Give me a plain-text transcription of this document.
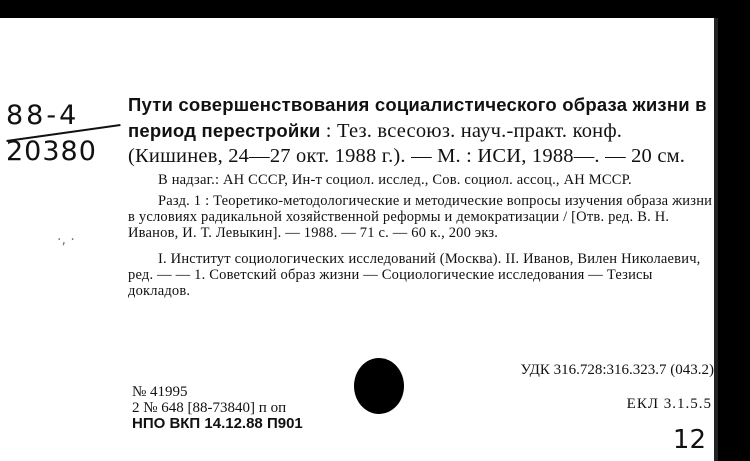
88-4
20380
·, ·

Пути совершенствования социалистического образа жизни в период перестройки : Тез. всесоюз. науч.-практ. конф. (Кишинев, 24—27 окт. 1988 г.). — М. : ИСИ, 1988—. — 20 см.

В надзаг.: АН СССР, Ин-т социол. исслед., Сов. социол. ассоц., АН МССР.

Разд. 1 : Теоретико-методологические и методические вопросы изучения образа жизни в условиях радикальной хозяйственной реформы и демократизации / [Отв. ред. В. Н. Иванов, И. Т. Левыкин]. — 1988. — 71 с. — 60 к., 200 экз.

I. Институт социологических исследований (Москва). II. Иванов, Вилен Николаевич, ред. — — 1. Советский образ жизни — Социологические исследования — Тезисы докладов.

УДК 316.728:316.323.7 (043.2)
№ 41995
2 № 648 [88-73840] п оп
НПО ВКП 14.12.88 П901
ЕКЛ 3.1.5.5
12
